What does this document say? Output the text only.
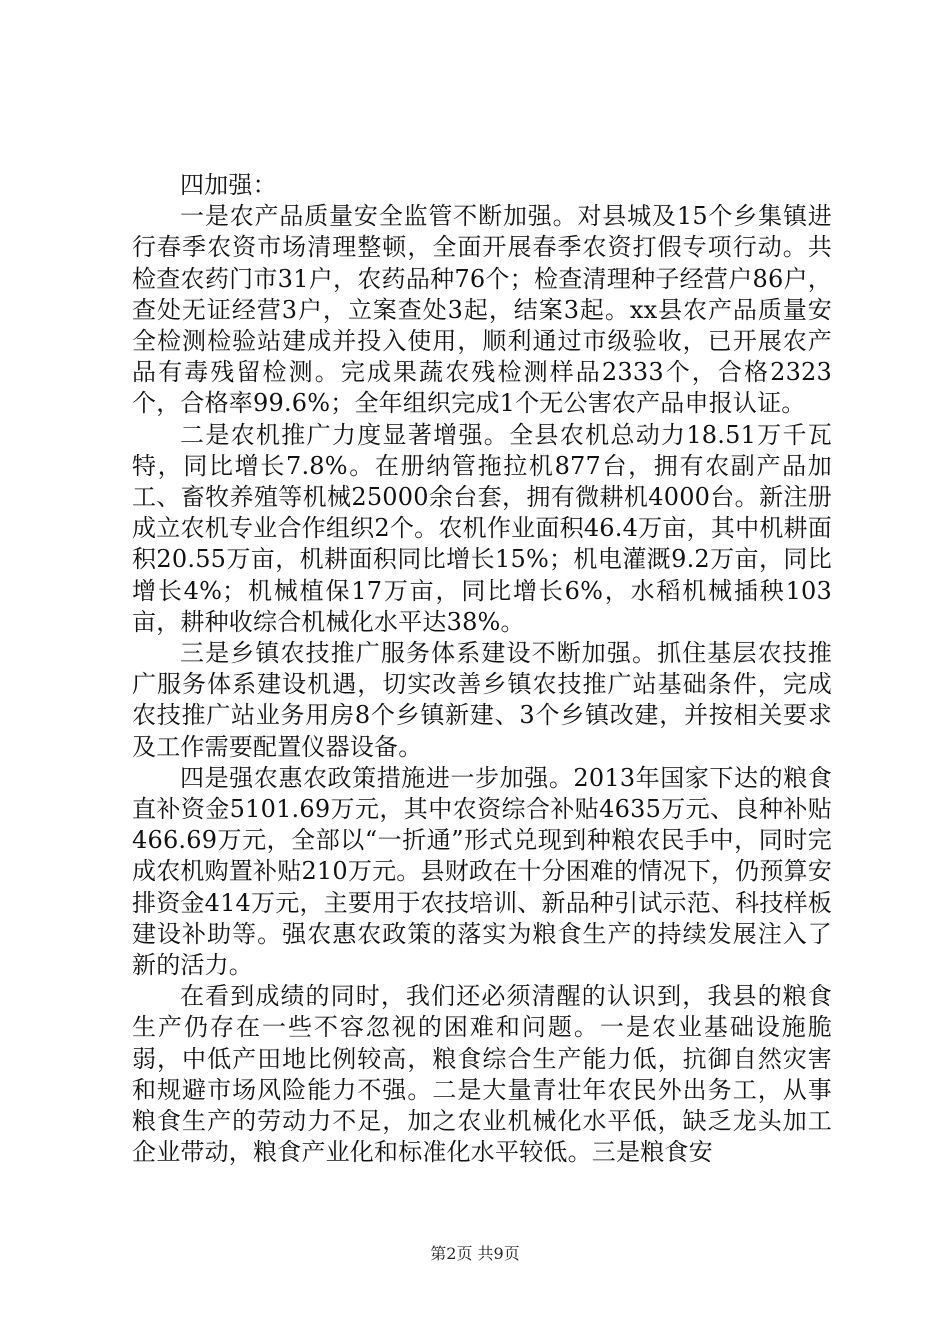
四加强：

一是农产品质量安全监管不断加强。对县城及15个乡集镇进行春季农资市场清理整顿，全面开展春季农资打假专项行动。共检查农药门市31户，农药品种76个；检查清理种子经营户86户，查处无证经营3户，立案查处3起，结案3起。xx县农产品质量安全检测检验站建成并投入使用，顺利通过市级验收，已开展农产品有毒残留检测。完成果蔬农残检测样品2333个，合格2323个，合格率99.6%；全年组织完成1个无公害农产品申报认证。

二是农机推广力度显著增强。全县农机总动力18.51万千瓦特，同比增长7.8%。在册纳管拖拉机877台，拥有农副产品加工、畜牧养殖等机械25000余台套，拥有微耕机4000台。新注册成立农机专业合作组织2个。农机作业面积46.4万亩，其中机耕面积20.55万亩，机耕面积同比增长15%；机电灌溉9.2万亩，同比增长4%；机械植保17万亩，同比增长6%，水稻机械插秧103亩，耕种收综合机械化水平达38%。

三是乡镇农技推广服务体系建设不断加强。抓住基层农技推广服务体系建设机遇，切实改善乡镇农技推广站基础条件，完成农技推广站业务用房8个乡镇新建、3个乡镇改建，并按相关要求及工作需要配置仪器设备。

四是强农惠农政策措施进一步加强。2013年国家下达的粮食直补资金5101.69万元，其中农资综合补贴4635万元、良种补贴466.69万元，全部以“一折通”形式兑现到种粮农民手中，同时完成农机购置补贴210万元。县财政在十分困难的情况下，仍预算安排资金414万元，主要用于农技培训、新品种引试示范、科技样板建设补助等。强农惠农政策的落实为粮食生产的持续发展注入了新的活力。

在看到成绩的同时，我们还必须清醒的认识到，我县的粮食生产仍存在一些不容忽视的困难和问题。一是农业基础设施脆弱，中低产田地比例较高，粮食综合生产能力低，抗御自然灾害和规避市场风险能力不强。二是大量青壮年农民外出务工，从事粮食生产的劳动力不足，加之农业机械化水平低，缺乏龙头加工企业带动，粮食产业化和标准化水平较低。三是粮食安

第2页 共9页
